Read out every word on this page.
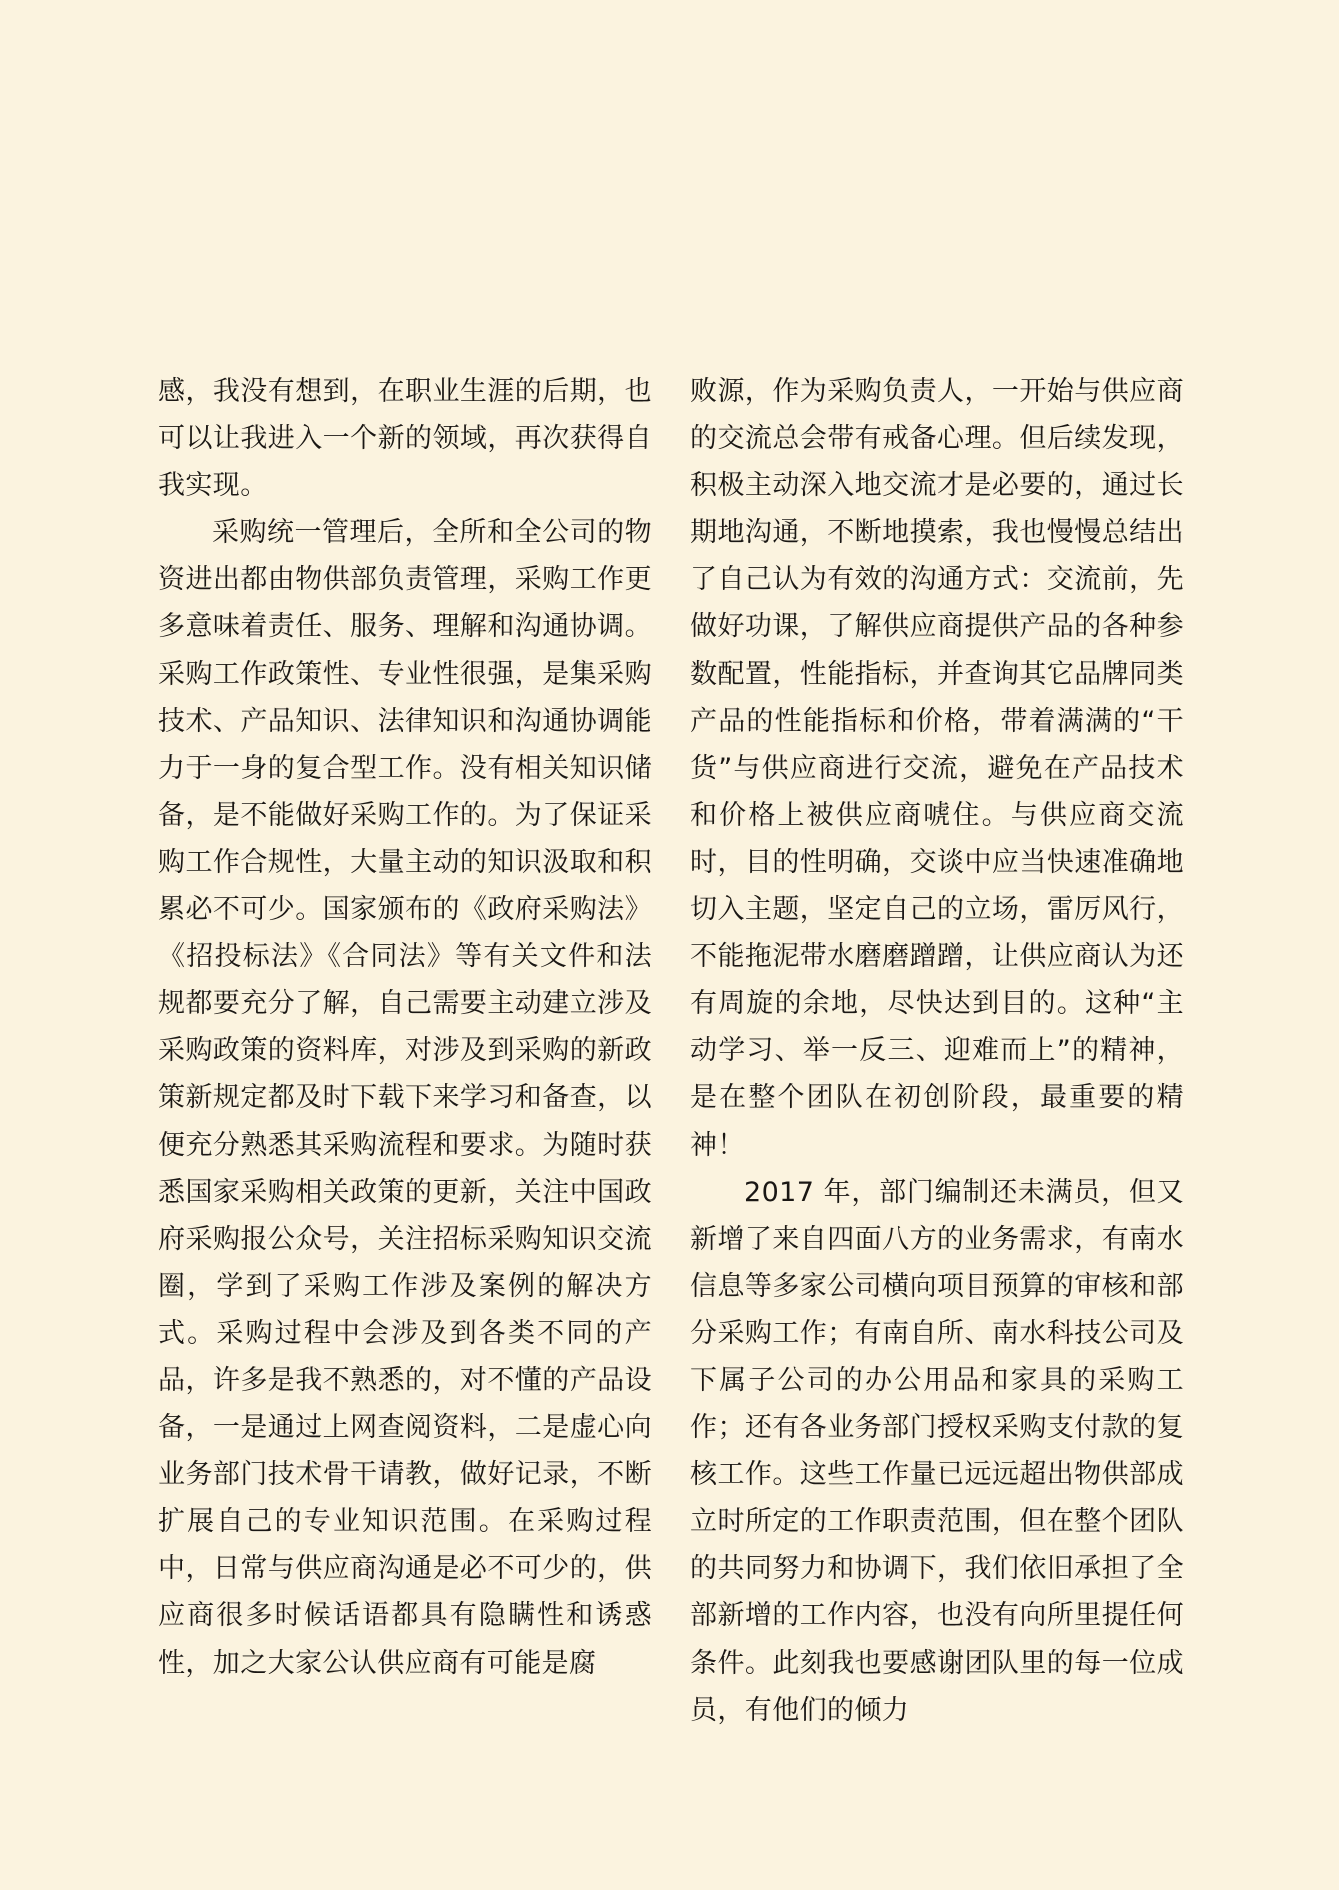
感，我没有想到，在职业生涯的后期，也可以让我进入一个新的领域，再次获得自我实现。

采购统一管理后，全所和全公司的物资进出都由物供部负责管理，采购工作更多意味着责任、服务、理解和沟通协调。采购工作政策性、专业性很强，是集采购技术、产品知识、法律知识和沟通协调能力于一身的复合型工作。没有相关知识储备，是不能做好采购工作的。为了保证采购工作合规性，大量主动的知识汲取和积累必不可少。国家颁布的《政府采购法》《招投标法》《合同法》等有关文件和法规都要充分了解，自己需要主动建立涉及采购政策的资料库，对涉及到采购的新政策新规定都及时下载下来学习和备查，以便充分熟悉其采购流程和要求。为随时获悉国家采购相关政策的更新，关注中国政府采购报公众号，关注招标采购知识交流圈，学到了采购工作涉及案例的解决方式。采购过程中会涉及到各类不同的产品，许多是我不熟悉的，对不懂的产品设备，一是通过上网查阅资料，二是虚心向业务部门技术骨干请教，做好记录，不断扩展自己的专业知识范围。在采购过程中，日常与供应商沟通是必不可少的，供应商很多时候话语都具有隐瞒性和诱惑性，加之大家公认供应商有可能是腐

败源，作为采购负责人，一开始与供应商的交流总会带有戒备心理。但后续发现，积极主动深入地交流才是必要的，通过长期地沟通，不断地摸索，我也慢慢总结出了自己认为有效的沟通方式：交流前，先做好功课，了解供应商提供产品的各种参数配置，性能指标，并查询其它品牌同类产品的性能指标和价格，带着满满的“干货”与供应商进行交流，避免在产品技术和价格上被供应商唬住。与供应商交流时，目的性明确，交谈中应当快速准确地切入主题，坚定自己的立场，雷厉风行，不能拖泥带水磨磨蹭蹭，让供应商认为还有周旋的余地，尽快达到目的。这种“主动学习、举一反三、迎难而上”的精神，是在整个团队在初创阶段，最重要的精神！

2017 年，部门编制还未满员，但又新增了来自四面八方的业务需求，有南水信息等多家公司横向项目预算的审核和部分采购工作；有南自所、南水科技公司及下属子公司的办公用品和家具的采购工作；还有各业务部门授权采购支付款的复核工作。这些工作量已远远超出物供部成立时所定的工作职责范围，但在整个团队的共同努力和协调下，我们依旧承担了全部新增的工作内容，也没有向所里提任何条件。此刻我也要感谢团队里的每一位成员，有他们的倾力
